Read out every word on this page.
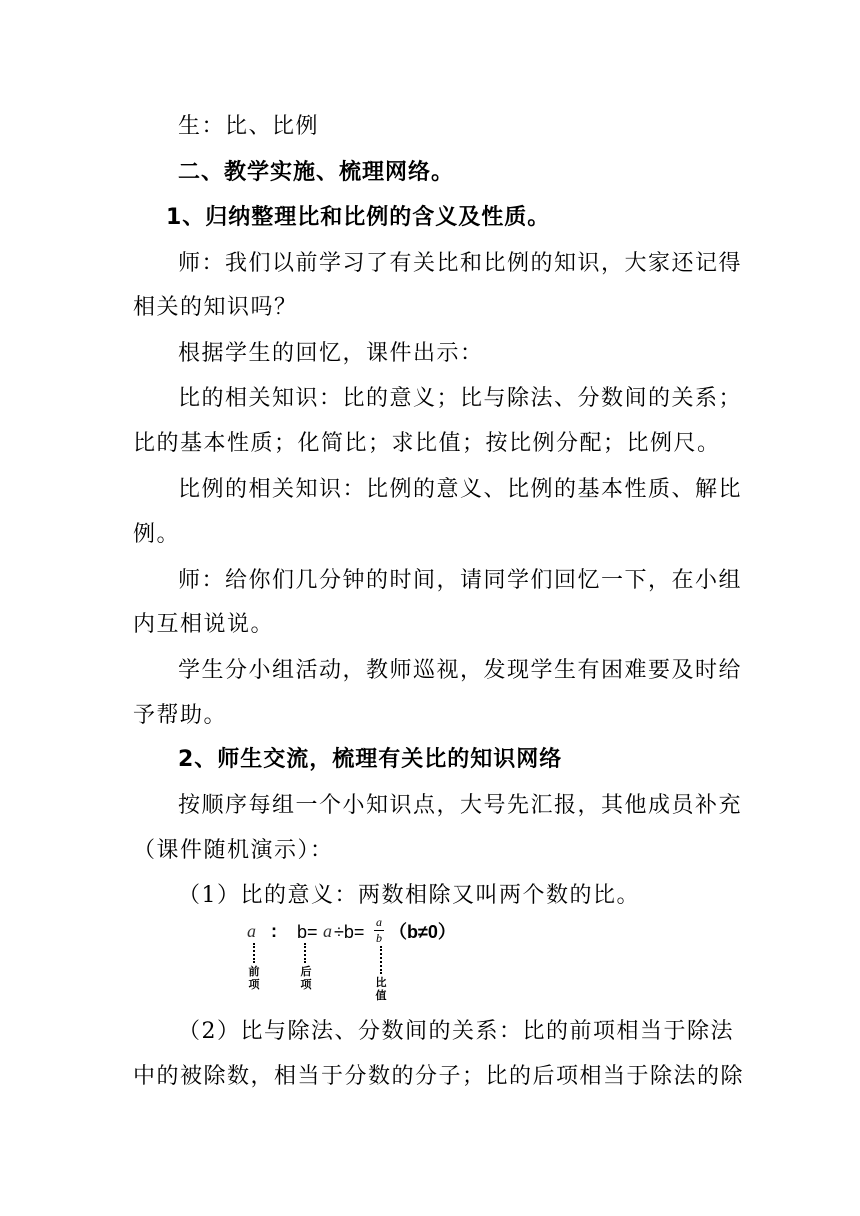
生：比、比例
二、教学实施、梳理网络。
1、归纳整理比和比例的含义及性质。
师：我们以前学习了有关比和比例的知识，大家还记得
相关的知识吗？
根据学生的回忆，课件出示：
比的相关知识：比的意义；比与除法、分数间的关系；
比的基本性质；化简比；求比值；按比例分配；比例尺。
比例的相关知识：比例的意义、比例的基本性质、解比
例。
师：给你们几分钟的时间，请同学们回忆一下，在小组
内互相说说。
学生分小组活动，教师巡视，发现学生有困难要及时给
予帮助。
2、师生交流，梳理有关比的知识网络
按顺序每组一个小知识点，大号先汇报，其他成员补充
（课件随机演示）：
（1）比的意义：两数相除又叫两个数的比。
a : b= a ÷b= a
b （b≠0）
前项
后项	比值
（2）比与除法、分数间的关系：比的前项相当于除法
中的被除数，相当于分数的分子；比的后项相当于除法的除
